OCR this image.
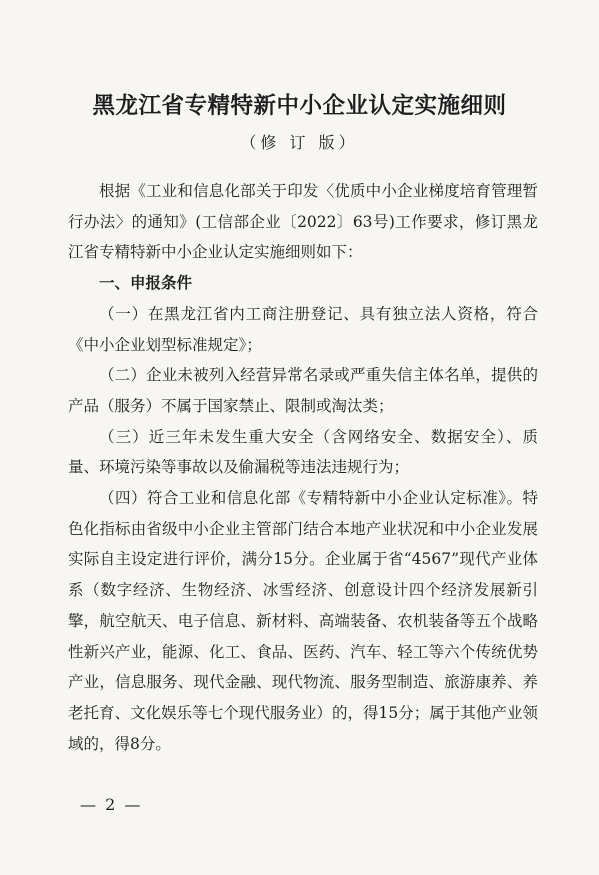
黑龙江省专精特新中小企业认定实施细则
（修 订 版）

根据《工业和信息化部关于印发〈优质中小企业梯度培育管理暂行办法〉的通知》(工信部企业〔2022〕63号)工作要求，修订黑龙江省专精特新中小企业认定实施细则如下：

一、申报条件

（一）在黑龙江省内工商注册登记、具有独立法人资格，符合《中小企业划型标准规定》；

（二）企业未被列入经营异常名录或严重失信主体名单，提供的产品（服务）不属于国家禁止、限制或淘汰类；

（三）近三年未发生重大安全（含网络安全、数据安全）、质量、环境污染等事故以及偷漏税等违法违规行为；

（四）符合工业和信息化部《专精特新中小企业认定标准》。特色化指标由省级中小企业主管部门结合本地产业状况和中小企业发展实际自主设定进行评价，满分15分。企业属于省“4567”现代产业体系（数字经济、生物经济、冰雪经济、创意设计四个经济发展新引擎，航空航天、电子信息、新材料、高端装备、农机装备等五个战略性新兴产业，能源、化工、食品、医药、汽车、轻工等六个传统优势产业，信息服务、现代金融、现代物流、服务型制造、旅游康养、养老托育、文化娱乐等七个现代服务业）的，得15分；属于其他产业领域的，得8分。

— 2 —
